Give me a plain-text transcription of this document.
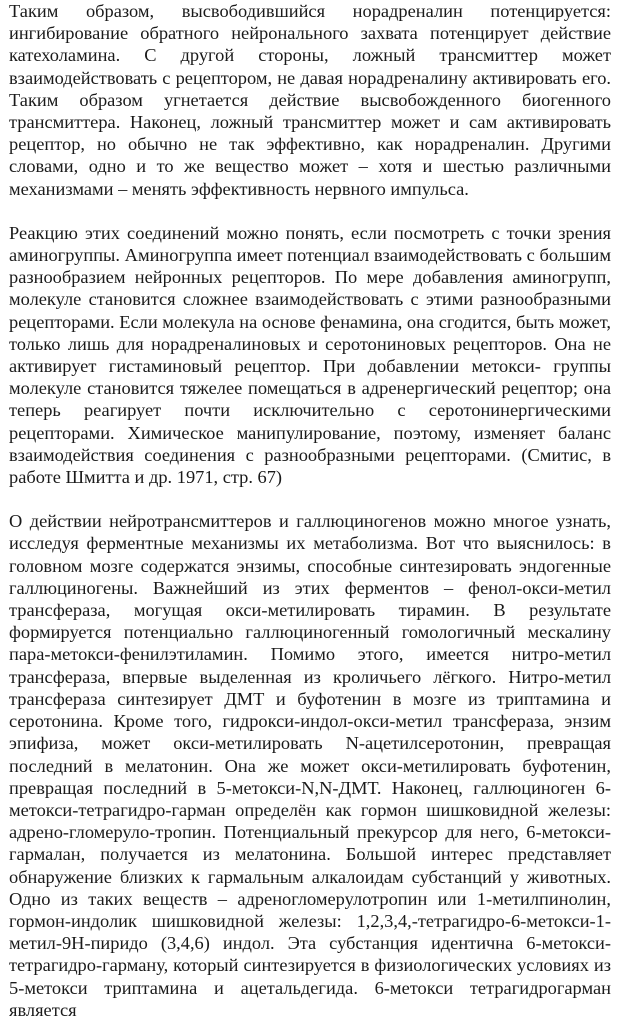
Таким образом, высвободившийся норадреналин потенцируется: ингибирование обратного нейронального захвата потенцирует действие катехоламина. С другой стороны, ложный трансмиттер может взаимодействовать с рецептором, не давая норадреналину активировать его. Таким образом угнетается действие высвобожденного биогенного трансмиттера. Наконец, ложный трансмиттер может и сам активировать рецептор, но обычно не так эффективно, как норадреналин. Другими словами, одно и то же вещество может – хотя и шестью различными механизмами – менять эффективность нервного импульса.

Реакцию этих соединений можно понять, если посмотреть с точки зрения аминогруппы. Аминогруппа имеет потенциал взаимодействовать с большим разнообразием нейронных рецепторов. По мере добавления аминогрупп, молекуле становится сложнее взаимодействовать с этими разнообразными рецепторами. Если молекула на основе фенамина, она сгодится, быть может, только лишь для норадреналиновых и серотониновых рецепторов. Она не активирует гистаминовый рецептор. При добавлении метокси- группы молекуле становится тяжелее помещаться в адренергический рецептор; она теперь реагирует почти исключительно с серотонинергическими рецепторами. Химическое манипулирование, поэтому, изменяет баланс взаимодействия соединения с разнообразными рецепторами. (Смитис, в работе Шмитта и др. 1971, стр. 67)

О действии нейротрансмиттеров и галлюциногенов можно многое узнать, исследуя ферментные механизмы их метаболизма. Вот что выяснилось: в головном мозге содержатся энзимы, способные синтезировать эндогенные галлюциногены. Важнейший из этих ферментов – фенол-окси-метил трансфераза, могущая окси-метилировать тирамин. В результате формируется потенциально галлюциногенный гомологичный мескалину пара-метокси-фенилэтиламин. Помимо этого, имеется нитро-метил трансфераза, впервые выделенная из кроличьего лёгкого. Нитро-метил трансфераза синтезирует ДМТ и буфотенин в мозге из триптамина и серотонина. Кроме того, гидрокси-индол-окси-метил трансфераза, энзим эпифиза, может окси-метилировать N-ацетилсеротонин, превращая последний в мелатонин. Она же может окси-метилировать буфотенин, превращая последний в 5-метокси-N,N-ДМТ. Наконец, галлюциноген 6-метокси-тетрагидро-гарман определён как гормон шишковидной железы: адрено-гломеруло-тропин. Потенциальный прекурсор для него, 6-метокси-гармалан, получается из мелатонина. Большой интерес представляет обнаружение близких к гармальным алкалоидам субстанций у животных. Одно из таких веществ – адреногломерулотропин или 1-метилпинолин, гормон-индолик шишковидной железы: 1,2,3,4,-тетрагидро-6-метокси-1-метил-9Н-пиридо (3,4,6) индол. Эта субстанция идентична 6-метокси-тетрагидро-гарману, который синтезируется в физиологических условиях из 5-метокси триптамина и ацетальдегида. 6-метокси тетрагидрогарман является
